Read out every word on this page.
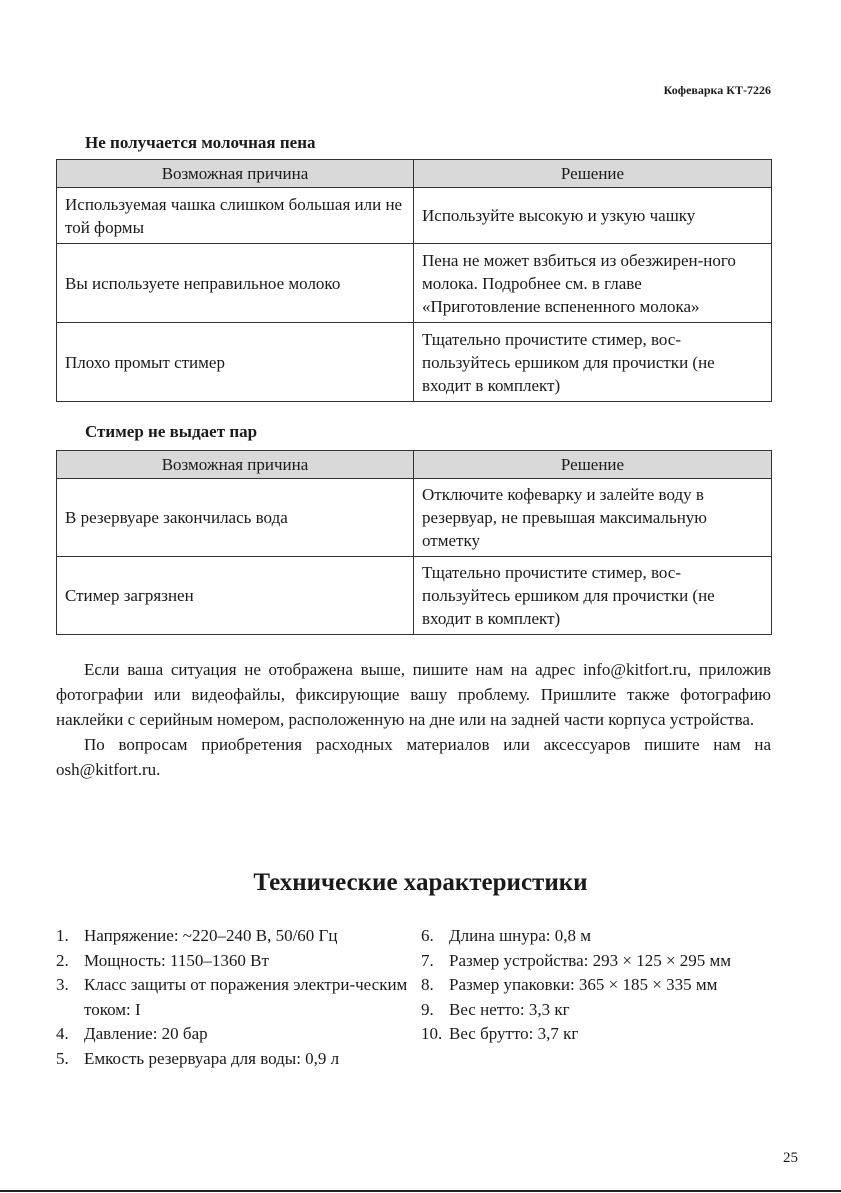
Кофеварка КТ-7226
Не получается молочная пена
Возможная причина	Решение
Используемая чашка слишком большая или не той формы	Используйте высокую и узкую чашку
Вы используете неправильное молоко	Пена не может взбиться из обезжирен-ного молока. Подробнее см. в главе «Приготовление вспененного молока»
Плохо промыт стимер	Тщательно прочистите стимер, вос-пользуйтесь ершиком для прочистки (не входит в комплект)
Стимер не выдает пар
Возможная причина	Решение
В резервуаре закончилась вода	Отключите кофеварку и залейте воду в резервуар, не превышая максимальную отметку
Стимер загрязнен	Тщательно прочистите стимер, вос-пользуйтесь ершиком для прочистки (не входит в комплект)

Если ваша ситуация не отображена выше, пишите нам на адрес info@kitfort.ru, приложив фотографии или видеофайлы, фиксирующие вашу проблему. Пришлите также фотографию наклейки с серийным номером, расположенную на дне или на задней части корпуса устройства.

По вопросам приобретения расходных материалов или аксессуаров пишите нам на osh@kitfort.ru.

Технические характеристики
1. Напряжение: ~220–240 В, 50/60 Гц
2. Мощность: 1150–1360 Вт
3. Класс защиты от поражения электри-ческим током: I
4. Давление: 20 бар
5. Емкость резервуара для воды: 0,9 л
6. Длина шнура: 0,8 м
7. Размер устройства: 293 × 125 × 295 мм
8. Размер упаковки: 365 × 185 × 335 мм
9. Вес нетто: 3,3 кг
10. Вес брутто: 3,7 кг
25
